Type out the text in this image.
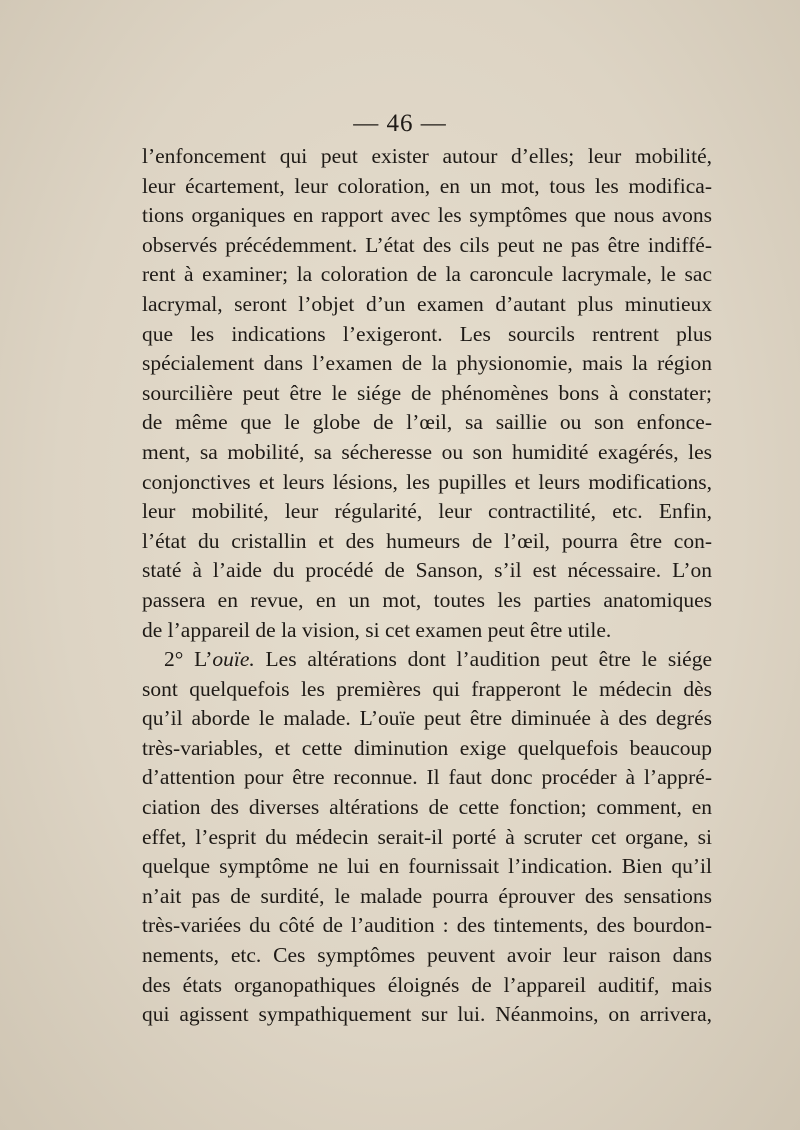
— 46 —
l’enfoncement qui peut exister autour d’elles; leur mobilité,
leur écartement, leur coloration, en un mot, tous les modifica-
tions organiques en rapport avec les symptômes que nous avons
observés précédemment. L’état des cils peut ne pas être indiffé-
rent à examiner; la coloration de la caroncule lacrymale, le sac
lacrymal, seront l’objet d’un examen d’autant plus minutieux
que les indications l’exigeront. Les sourcils rentrent plus
spécialement dans l’examen de la physionomie, mais la région
sourcilière peut être le siége de phénomènes bons à constater;
de même que le globe de l’œil, sa saillie ou son enfonce-
ment, sa mobilité, sa sécheresse ou son humidité exagérés, les
conjonctives et leurs lésions, les pupilles et leurs modifications,
leur mobilité, leur régularité, leur contractilité, etc. Enfin,
l’état du cristallin et des humeurs de l’œil, pourra être con-
staté à l’aide du procédé de Sanson, s’il est nécessaire. L’on
passera en revue, en un mot, toutes les parties anatomiques
de l’appareil de la vision, si cet examen peut être utile.
2° L’ouïe. Les altérations dont l’audition peut être le siége
sont quelquefois les premières qui frapperont le médecin dès
qu’il aborde le malade. L’ouïe peut être diminuée à des degrés
très-variables, et cette diminution exige quelquefois beaucoup
d’attention pour être reconnue. Il faut donc procéder à l’appré-
ciation des diverses altérations de cette fonction; comment, en
effet, l’esprit du médecin serait-il porté à scruter cet organe, si
quelque symptôme ne lui en fournissait l’indication. Bien qu’il
n’ait pas de surdité, le malade pourra éprouver des sensations
très-variées du côté de l’audition : des tintements, des bourdon-
nements, etc. Ces symptômes peuvent avoir leur raison dans
des états organopathiques éloignés de l’appareil auditif, mais
qui agissent sympathiquement sur lui. Néanmoins, on arrivera,
